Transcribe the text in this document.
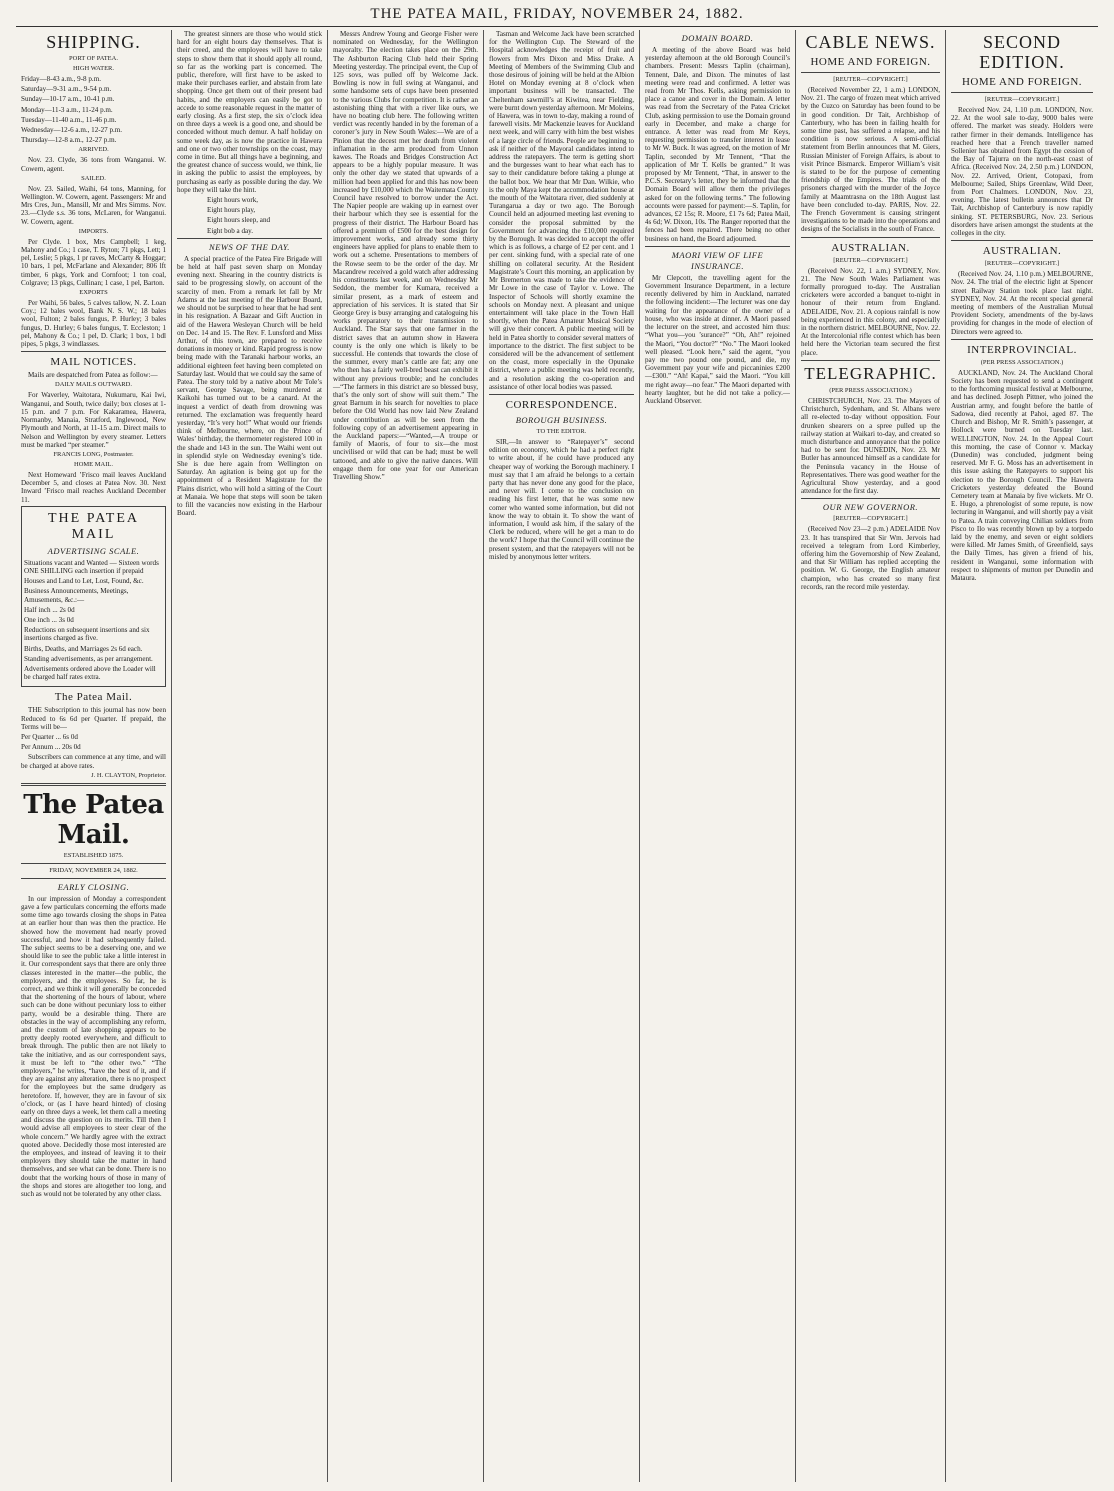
THE PATEA MAIL, FRIDAY, NOVEMBER 24, 1882.
SHIPPING.
PORT OF PATEA.
HIGH WATER.

Friday—8-43 a.m., 9-8 p.m.

Saturday—9-31 a.m., 9-54 p.m.

Sunday—10-17 a.m., 10-41 p.m.

Monday—11-3 a.m., 11-24 p.m.

Tuesday—11-40 a.m., 11-46 p.m.

Wednesday—12-6 a.m., 12-27 p.m.

Thursday—12-8 a.m., 12-27 p.m.

ARRIVED.

Nov. 23. Clyde, 36 tons from Wanganui. W. Cowern, agent.

SAILED.

Nov. 23. Sailed, Waihi, 64 tons, Manning, for Wellington. W. Cowern, agent. Passengers: Mr and Mrs Cres, Jun., Mansill, Mr and Mrs Simms. Nov. 23.—Clyde s.s. 36 tons, McLaren, for Wanganui. W. Cowern, agent.

IMPORTS.

Per Clyde. 1 box, Mrs Campbell; 1 keg, Mahony and Co.; 1 case, T. Ryton; 71 pkgs, Lett; 1 pel, Leslie; 5 pkgs, 1 pr raves, McCarty & Hoggar; 10 bars, 1 pel, McFarlane and Alexander; 806 lft timber, 6 pkgs, York and Cornfoot; 1 ton coal, Colgrave; 13 pkgs, Cullinan; 1 case, 1 pel, Barton.

EXPORTS

Per Waihi, 56 bales, 5 calves tallow, N. Z. Loan Coy.; 12 bales wool, Bank N. S. W.; 18 bales wool, Fulton; 2 bales fungus, P. Hurley; 3 bales fungus, D. Hurley; 6 bales fungus, T. Eccleston; 1 pel, Mahony & Co.; 1 pel, D. Clark; 1 box, 1 bdl pipes, 5 pkgs, 3 windlasses.

MAIL NOTICES.

Mails are despatched from Patea as follow:—

DAILY MAILS OUTWARD.

For Waverley, Waitotara, Nukumaru, Kai Iwi, Wanganui, and South, twice daily; box closes at 1-15 p.m. and 7 p.m. For Kakaramea, Hawera, Normanby, Manaia, Stratford, Inglewood, New Plymouth and North, at 11-15 a.m. Direct mails to Nelson and Wellington by every steamer. Letters must be marked “per steamer.”

FRANCIS LONG, Postmaster.
HOME MAIL.

Next Homeward ’Frisco mail leaves Auckland December 5, and closes at Patea Nov. 30. Next Inward ’Frisco mail reaches Auckland December 11.

THE PATEA MAIL
ADVERTISING SCALE.

Situations vacant and Wanted — Sixteen words ONE SHILLING each insertion if prepaid

Houses and Land to Let, Lost, Found, &c.

Business Announcements, Meetings, Amusements, &c.:—

Half inch ... 2s 0d

One inch ... 3s 0d

Reductions on subsequent insertions and six insertions charged as five.

Births, Deaths, and Marriages 2s 6d each.

Standing advertisements, as per arrangement.

Advertisements ordered above the Loader will be charged half rates extra.

The Patea Mail.

THE Subscription to this journal has now been Reduced to 6s 6d per Quarter. If prepaid, the Terms will be—

Per Quarter ... 6s 0d

Per Annum ... 20s 0d

Subscribers can commence at any time, and will be charged at above rates.

J. H. CLAYTON, Proprietor.
The Patea Mail.
ESTABLISHED 1875.
FRIDAY, NOVEMBER 24, 1882.
EARLY CLOSING.

In our impression of Monday a correspondent gave a few particulars concerning the efforts made some time ago towards closing the shops in Patea at an earlier hour than was then the practice. He showed how the movement had nearly proved successful, and how it had subsequently failed. The subject seems to be a deserving one, and we should like to see the public take a little interest in it. Our correspondent says that there are only three classes interested in the matter—the public, the employers, and the employees. So far, he is correct, and we think it will generally be conceded that the shortening of the hours of labour, where such can be done without pecuniary loss to either party, would be a desirable thing. There are obstacles in the way of accomplishing any reform, and the custom of late shopping appears to be pretty deeply rooted everywhere, and difficult to break through. The public then are not likely to take the initiative, and as our correspondent says, it must be left to “the other two.” “The employers,” he writes, “have the best of it, and if they are against any alteration, there is no prospect for the employees but the same drudgery as heretofore. If, however, they are in favour of six o’clock, or (as I have heard hinted) of closing early on three days a week, let them call a meeting and discuss the question on its merits. Till then I would advise all employees to steer clear of the whole concern.” We hardly agree with the extract quoted above. Decidedly those most interested are the employees, and instead of leaving it to their employers they should take the matter in hand themselves, and see what can be done. There is no doubt that the working hours of those in many of the shops and stores are altogether too long, and such as would not be tolerated by any other class.

The greatest sinners are those who would stick hard for an eight hours day themselves. That is their creed, and the employees will have to take steps to show them that it should apply all round, so far as the working part is concerned. The public, therefore, will first have to be asked to make their purchases earlier, and abstain from late shopping. Once get them out of their present bad habits, and the employers can easily be got to accede to some reasonable request in the matter of early closing. As a first step, the six o’clock idea on three days a week is a good one, and should be conceded without much demur. A half holiday on some week day, as is now the practice in Hawera and one or two other townships on the coast, may come in time. But all things have a beginning, and the greatest chance of success would, we think, lie in asking the public to assist the employees, by purchasing as early as possible during the day. We hope they will take the hint.

Eight hours work,

Eight hours play,

Eight hours sleep, and

Eight bob a day.

NEWS OF THE DAY.

A special practice of the Patea Fire Brigade will be held at half past seven sharp on Monday evening next. Shearing in the country districts is said to be progressing slowly, on account of the scarcity of men. From a remark let fall by Mr Adams at the last meeting of the Harbour Board, we should not be surprised to hear that he had sent in his resignation. A Bazaar and Gift Auction in aid of the Hawera Wesleyan Church will be held on Dec. 14 and 15. The Rev. F. Lunsford and Miss Arthur, of this town, are prepared to receive donations in money or kind. Rapid progress is now being made with the Taranaki harbour works, an additional eighteen feet having been completed on Saturday last. Would that we could say the same of Patea. The story told by a native about Mr Tole’s servant, George Savage, being murdered at Kaikohi has turned out to be a canard. At the inquest a verdict of death from drowning was returned. The exclamation was frequently heard yesterday, “It’s very hot!” What would our friends think of Melbourne, where, on the Prince of Wales’ birthday, the thermometer registered 100 in the shade and 143 in the sun. The Waihi went out in splendid style on Wednesday evening’s tide. She is due here again from Wellington on Saturday. An agitation is being got up for the appointment of a Resident Magistrate for the Plains district, who will hold a sitting of the Court at Manaia. We hope that steps will soon be taken to fill the vacancies now existing in the Harbour Board.

Messrs Andrew Young and George Fisher were nominated on Wednesday, for the Wellington mayoralty. The election takes place on the 29th. The Ashburton Racing Club held their Spring Meeting yesterday. The principal event, the Cup of 125 sovs, was pulled off by Welcome Jack. Bowling is now in full swing at Wanganui, and some handsome sets of cups have been presented to the various Clubs for competition. It is rather an astonishing thing that with a river like ours, we have no boating club here. The following written verdict was recently handed in by the foreman of a coroner’s jury in New South Wales:—We are of a Pinion that the decest met her death from violent inflamation in the arm produced from Unnon kawes. The Roads and Bridges Construction Act appears to be a highly popular measure. It was only the other day we stated that upwards of a million had been applied for and this has now been increased by £10,000 which the Waitemata County Council have resolved to borrow under the Act. The Napier people are waking up in earnest over their harbour which they see is essential for the progress of their district. The Harbour Board has offered a premium of £500 for the best design for improvement works, and already some thirty engineers have applied for plans to enable them to work out a scheme. Presentations to members of the Rowse seem to be the order of the day. Mr Macandrew received a gold watch after addressing his constituents last week, and on Wednesday Mr Seddon, the member for Kumara, received a similar present, as a mark of esteem and appreciation of his services. It is stated that Sir George Grey is busy arranging and cataloguing his works preparatory to their transmission to Auckland. The Star says that one farmer in the district saves that an autumn show in Hawera county is the only one which is likely to be successful. He contends that towards the close of the summer, every man’s cattle are fat; any one who then has a fairly well-bred beast can exhibit it without any previous trouble; and he concludes—“The farmers in this district are so blessed busy, that’s the only sort of show will suit them.” The great Barnum in his search for novelties to place before the Old World has now laid New Zealand under contribution as will be seen from the following copy of an advertisement appearing in the Auckland papers:—“Wanted,—A troupe or family of Maoris, of four to six—the most uncivilised or wild that can be had; must be well tattooed, and able to give the native dances. Will engage them for one year for our American Travelling Show.”

Tasman and Welcome Jack have been scratched for the Wellington Cup. The Steward of the Hospital acknowledges the receipt of fruit and flowers from Mrs Dixon and Miss Drake. A Meeting of Members of the Swimming Club and those desirous of joining will be held at the Albion Hotel on Monday evening at 8 o’clock when important business will be transacted. The Cheltenham sawmill’s at Kiwitea, near Fielding, were burnt down yesterday afternoon. Mr Moleins, of Hawera, was in town to-day, making a round of farewell visits. Mr Mackenzie leaves for Auckland next week, and will carry with him the best wishes of a large circle of friends. People are beginning to ask if neither of the Mayoral candidates intend to address the ratepayers. The term is getting short and the burgesses want to hear what each has to say to their candidature before taking a plunge at the ballot box. We hear that Mr Dan. Wilkie, who is the only Maya kept the accommodation house at the mouth of the Waitotara river, died suddenly at Turangarua a day or two ago. The Borough Council held an adjourned meeting last evening to consider the proposal submitted by the Government for advancing the £10,000 required by the Borough. It was decided to accept the offer which is as follows, a charge of £2 per cent. and 1 per cent. sinking fund, with a special rate of one shilling on collateral security. At the Resident Magistrate’s Court this morning, an application by Mr Bremerton was made to take the evidence of Mr Lowe in the case of Taylor v. Lowe. The Inspector of Schools will shortly examine the schools on Monday next. A pleasant and unique entertainment will take place in the Town Hall shortly, when the Patea Amateur Musical Society will give their concert. A public meeting will be held in Patea shortly to consider several matters of importance to the district. The first subject to be considered will be the advancement of settlement on the coast, more especially in the Opunake district, where a public meeting was held recently, and a resolution asking the co-operation and assistance of other local bodies was passed.

CORRESPONDENCE.
BOROUGH BUSINESS.
TO THE EDITOR.

SIR,—In answer to “Ratepayer’s” second edition on economy, which he had a perfect right to write about, if he could have produced any cheaper way of working the Borough machinery. I must say that I am afraid he belongs to a certain party that has never done any good for the place, and never will. I come to the conclusion on reading his first letter, that he was some new comer who wanted some information, but did not know the way to obtain it. To show the want of information, I would ask him, if the salary of the Clerk be reduced, where will he get a man to do the work? I hope that the Council will continue the present system, and that the ratepayers will not be misled by anonymous letter writers.

DOMAIN BOARD.

A meeting of the above Board was held yesterday afternoon at the old Borough Council’s chambers. Present: Messrs Taplin (chairman), Tennent, Dale, and Dixon. The minutes of last meeting were read and confirmed. A letter was read from Mr Thos. Kells, asking permission to place a canoe and cover in the Domain. A letter was read from the Secretary of the Patea Cricket Club, asking permission to use the Domain ground early in December, and make a charge for entrance. A letter was read from Mr Keys, requesting permission to transfer interest in lease to Mr W. Buck. It was agreed, on the motion of Mr Taplin, seconded by Mr Tennent, “That the application of Mr T. Kells be granted.” It was proposed by Mr Tennent, “That, in answer to the P.C.S. Secretary’s letter, they be informed that the Domain Board will allow them the privileges asked for on the following terms.” The following accounts were passed for payment:—S. Taplin, for advances, £2 15s; R. Moore, £1 7s 6d; Patea Mail, 4s 6d; W. Dixon, 10s. The Ranger reported that the fences had been repaired. There being no other business on hand, the Board adjourned.

MAORI VIEW OF LIFE INSURANCE.

Mr Clepcott, the travelling agent for the Government Insurance Department, in a lecture recently delivered by him in Auckland, narrated the following incident:—The lecturer was one day waiting for the appearance of the owner of a house, who was inside at dinner. A Maori passed the lecturer on the street, and accosted him thus: “What you—you ’surance?” “Oh, Ah!” rejoined the Maori, “You doctor?” “No.” The Maori looked well pleased. “Look here,” said the agent, “you pay me two pound one pound, and die, my Government pay your wife and piccaninies £200—£300.” “Ah! Kapai,” said the Maori. “You kill me right away—no fear.” The Maori departed with hearty laughter, but he did not take a policy.—Auckland Observer.

CABLE NEWS.
HOME AND FOREIGN.
[REUTER—COPYRIGHT.]

(Received November 22, 1 a.m.) LONDON, Nov. 21. The cargo of frozen meat which arrived by the Cuzco on Saturday has been found to be in good condition. Dr Tait, Archbishop of Canterbury, who has been in failing health for some time past, has suffered a relapse, and his condition is now serious. A semi-official statement from Berlin announces that M. Giers, Russian Minister of Foreign Affairs, is about to visit Prince Bismarck. Emperor William’s visit is stated to be for the purpose of cementing friendship of the Empires. The trials of the prisoners charged with the murder of the Joyce family at Maamtrasna on the 18th August last have been concluded to-day. PARIS, Nov. 22. The French Government is causing stringent investigations to be made into the operations and designs of the Socialists in the south of France.

AUSTRALIAN.
[REUTER—COPYRIGHT.]

(Received Nov. 22, 1 a.m.) SYDNEY, Nov. 21. The New South Wales Parliament was formally prorogued to-day. The Australian cricketers were accorded a banquet to-night in honour of their return from England. ADELAIDE, Nov. 21. A copious rainfall is now being experienced in this colony, and especially in the northern district. MELBOURNE, Nov. 22. At the Intercolonial rifle contest which has been held here the Victorian team secured the first place.

TELEGRAPHIC.
(PER PRESS ASSOCIATION.)

CHRISTCHURCH, Nov. 23. The Mayors of Christchurch, Sydenham, and St. Albans were all re-elected to-day without opposition. Four drunken shearers on a spree pulled up the railway station at Waikari to-day, and created so much disturbance and annoyance that the police had to be sent for. DUNEDIN, Nov. 23. Mr Butler has announced himself as a candidate for the Peninsula vacancy in the House of Representatives. There was good weather for the Agricultural Show yesterday, and a good attendance for the first day.

OUR NEW GOVERNOR.
[REUTER—COPYRIGHT.]

(Received Nov 23—2 p.m.) ADELAIDE Nov 23. It has transpired that Sir Wm. Jervois had received a telegram from Lord Kimberley, offering him the Governorship of New Zealand, and that Sir William has replied accepting the position. W. G. George, the English amateur champion, who has created so many first records, ran the record mile yesterday.

SECOND EDITION.
HOME AND FOREIGN.
[REUTER—COPYRIGHT.]

Received Nov. 24, 1.10 p.m. LONDON, Nov. 22. At the wool sale to-day, 9000 bales were offered. The market was steady. Holders were rather firmer in their demands. Intelligence has reached here that a French traveller named Sollenier has obtained from Egypt the cession of the Bay of Tajurra on the north-east coast of Africa. (Received Nov. 24, 2.50 p.m.) LONDON, Nov. 22. Arrived, Orient, Cotopaxi, from Melbourne; Sailed, Ships Greenlaw, Wild Deer, from Port Chalmers. LONDON, Nov. 23, evening. The latest bulletin announces that Dr Tait, Archbishop of Canterbury is now rapidly sinking. ST. PETERSBURG, Nov. 23. Serious disorders have arisen amongst the students at the colleges in the city.

AUSTRALIAN.
[REUTER—COPYRIGHT.]

(Received Nov. 24, 1.10 p.m.) MELBOURNE, Nov. 24. The trial of the electric light at Spencer street Railway Station took place last night. SYDNEY, Nov. 24. At the recent special general meeting of members of the Australian Mutual Provident Society, amendments of the by-laws providing for changes in the mode of election of Directors were agreed to.

INTERPROVINCIAL.
(PER PRESS ASSOCIATION.)

AUCKLAND, Nov. 24. The Auckland Choral Society has been requested to send a contingent to the forthcoming musical festival at Melbourne, and has declined. Joseph Pittner, who joined the Austrian army, and fought before the battle of Sadowa, died recently at Pahoi, aged 87. The Church and Bishop, Mr R. Smith’s passenger, at Hollock were burned on Tuesday last. WELLINGTON, Nov. 24. In the Appeal Court this morning, the case of Connor v. Mackay (Dunedin) was concluded, judgment being reserved. Mr F. G. Moss has an advertisement in this issue asking the Ratepayers to support his election to the Borough Council. The Hawera Cricketers yesterday defeated the Bound Cemetery team at Manaia by five wickets. Mr O. E. Hugo, a phrenologist of some repute, is now lecturing in Wanganui, and will shortly pay a visit to Patea. A train conveying Chilian soldiers from Pisco to Ilo was recently blown up by a torpedo laid by the enemy, and seven or eight soldiers were killed. Mr James Smith, of Greenfield, says the Daily Times, has given a friend of his, resident in Wanganui, some information with respect to shipments of mutton per Dunedin and Mataura.
